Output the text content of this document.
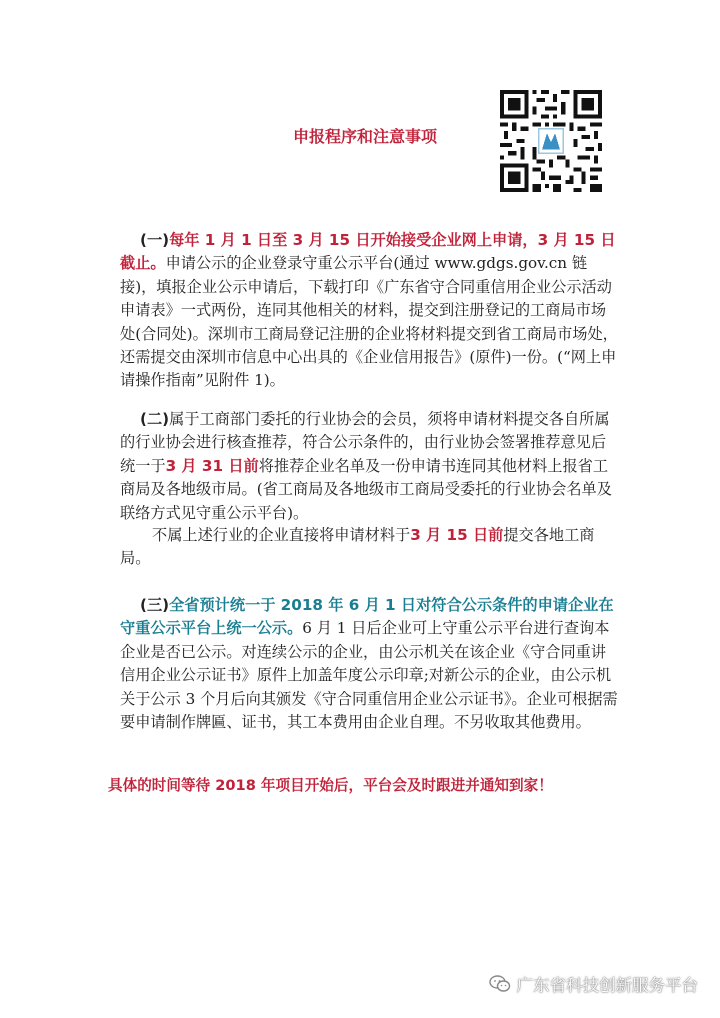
申报程序和注意事项

(一)每年 1 月 1 日至 3 月 15 日开始接受企业网上申请，3 月 15 日截止。申请公示的企业登录守重公示平台(通过 www.gdgs.gov.cn 链接)，填报企业公示申请后，下载打印《广东省守合同重信用企业公示活动申请表》一式两份，连同其他相关的材料，提交到注册登记的工商局市场处(合同处)。深圳市工商局登记注册的企业将材料提交到省工商局市场处，还需提交由深圳市信息中心出具的《企业信用报告》(原件)一份。(“网上申请操作指南”见附件 1)。

(二)属于工商部门委托的行业协会的会员，须将申请材料提交各自所属的行业协会进行核查推荐，符合公示条件的，由行业协会签署推荐意见后统一于3 月 31 日前将推荐企业名单及一份申请书连同其他材料上报省工商局及各地级市局。(省工商局及各地级市工商局受委托的行业协会名单及联络方式见守重公示平台)。

不属上述行业的企业直接将申请材料于3 月 15 日前提交各地工商局。

(三)全省预计统一于 2018 年 6 月 1 日对符合公示条件的申请企业在守重公示平台上统一公示。6 月 1 日后企业可上守重公示平台进行查询本企业是否已公示。对连续公示的企业，由公示机关在该企业《守合同重讲信用企业公示证书》原件上加盖年度公示印章;对新公示的企业，由公示机关于公示 3 个月后向其颁发《守合同重信用企业公示证书》。企业可根据需要申请制作牌匾、证书，其工本费用由企业自理。不另收取其他费用。

具体的时间等待 2018 年项目开始后，平台会及时跟进并通知到家！

广东省科技创新服务平台
